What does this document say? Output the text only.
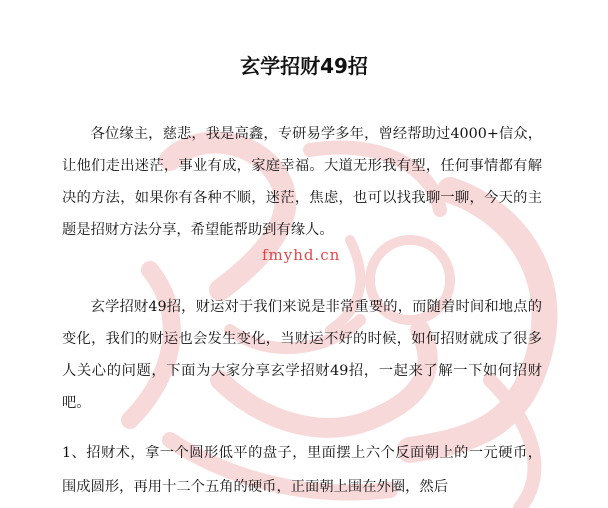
fmyhd.cn
玄学招财49招

各位缘主，慈悲，我是高鑫，专研易学多年，曾经帮助过4000+信众，让他们走出迷茫，事业有成，家庭幸福。大道无形我有型，任何事情都有解决的方法，如果你有各种不顺，迷茫，焦虑，也可以找我聊一聊，今天的主题是招财方法分享，希望能帮助到有缘人。

玄学招财49招，财运对于我们来说是非常重要的，而随着时间和地点的变化，我们的财运也会发生变化，当财运不好的时候，如何招财就成了很多人关心的问题，下面为大家分享玄学招财49招，一起来了解一下如何招财吧。

1、招财术，拿一个圆形低平的盘子，里面摆上六个反面朝上的一元硬币，围成圆形，再用十二个五角的硬币，正面朝上围在外圈，然后
